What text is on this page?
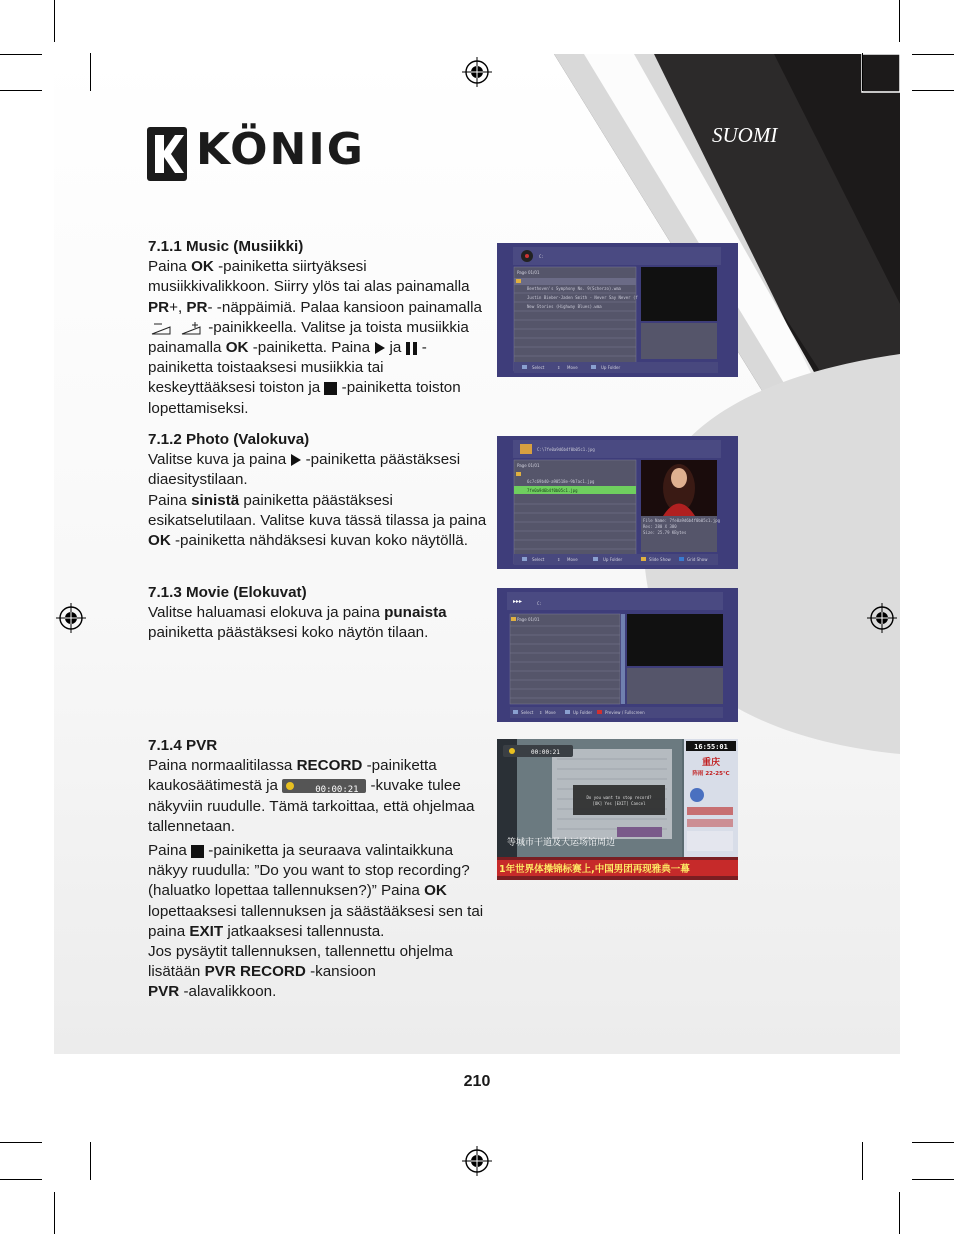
KÖNIG	SUOMI

7.1.1 Music (Musiikki)

Paina OK -painiketta siirtyäksesi musiikkivalikkoon. Siirry ylös tai alas painamalla PR+, PR- -näppäimiä. Palaa kansioon painamalla  -painikkeella. Valitse ja toista musiikkia painamalla OK -painiketta. Paina  ja  -painiketta toistaaksesi musiikkia tai keskeyttääksesi toiston ja  -painiketta toiston lopettamiseksi.

7.1.2 Photo (Valokuva)

Valitse kuva ja paina  -painiketta päästäksesi diaesitystilaan.

Paina sinistä painiketta päästäksesi esikatselutilaan. Valitse kuva tässä tilassa ja paina OK -painiketta nähdäksesi kuvan koko näytöllä.

7.1.3 Movie (Elokuvat)

Valitse haluamasi elokuva ja paina punaista painiketta päästäksesi koko näytön tilaan.

7.1.4 PVR

Paina normaalitilassa RECORD -painiketta kaukosäätimestä ja	00:00:21 -kuvake tulee näkyviin ruudulle. Tämä tarkoittaa, että ohjelmaa tallennetaan.

Paina  -painiketta ja seuraava valintaikkuna näkyy ruudulla: ”Do you want to stop recording? (haluatko lopettaa tallennuksen?)” Paina OK lopettaaksesi tallennuksen ja säästääksesi sen tai paina EXIT jatkaaksesi tallennusta.

Jos pysäytit tallennuksen, tallennettu ohjelma lisätään PVR RECORD -kansioon
PVR -alavalikkoon.

C:
Page 01/01
Beethoven's Symphony No. 9(Scherzo).wma
Justin Bieber-Jaden Smith - Never Say Never (f
New Stories (Highway Blues).wma
Select	⇕ Move	Up Folder
C:\7fe0a9d6b4f0b05c1.jpg
Page 01/01
6c7c69b40-a90518e-9b7ac1.jpg
7fe0a9d6b4f0b05c1.jpg
File Name: 7fe0a9d6b4f0b05c1.jpg
Res: 280 X 380
Size: 25.79 KBytes
Select	⇕ Move	Up Folder	Slide Show	Grid Show
▸▸▸	C:
Page 01/01
Select ⇕ Move	Up Folder	Preview / Fullscreen
00:00:21
Do you want to stop record?
[OK] Yes [EXIT] Cancel
等城市干道及大运场馆周边
16:55:01
重庆
阵雨 22-25℃
1年世界体操锦标赛上,中国男团再现雅典一幕
210
